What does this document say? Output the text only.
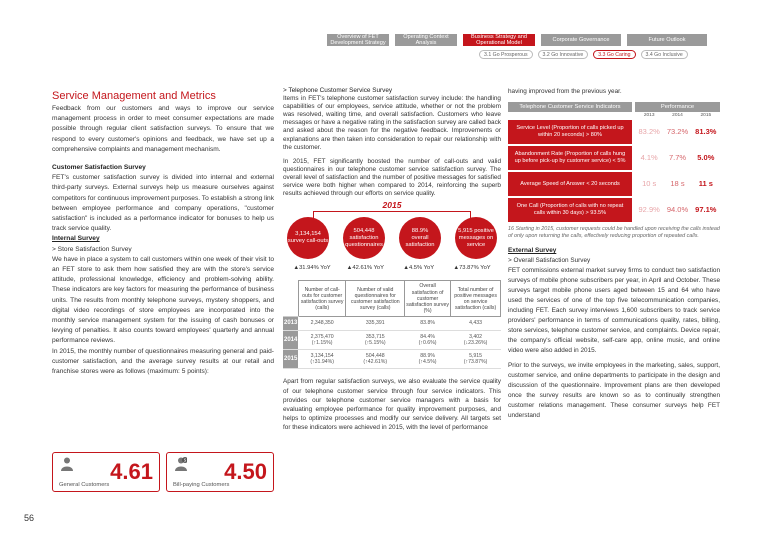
Overview of FET Development Strategy
Operating Context Analysis
Business Strategy and Operational Model	Corporate Governance	Future Outlook
3.1 Go Prosperous	3.2 Go Innovative	3.3 Go Caring	3.4 Go Inclusive
Service Management and Metrics

Feedback from our customers and ways to improve our service management process in order to meet consumer expectations are made possible through regular client satisfaction surveys. To ensure that we respond to every customer's opinions and feedback, we have set up a comprehensive complaints and management mechanism.

Customer Satisfaction Survey

FET's customer satisfaction survey is divided into internal and external third-party surveys. External surveys help us measure ourselves against competitors for continuous improvement purposes. To establish a strong link between employee performance and company operations, "customer satisfaction" is included as a performance indicator for bonuses to help us track service quality.

Internal Survey

> Store Satisfaction Survey

We have in place a system to call customers within one week of their visit to an FET store to ask them how satisfied they are with the store's service attitude, professional knowledge, efficiency and problem-solving ability. These indicators are key factors for measuring the performance of business units. The results from monthly telephone surveys, mystery shoppers, and digital video recordings of store employees are incorporated into the monthly service management system for the issuing of cash bonuses or levying of penalties. It also counts toward employees' quarterly and annual performance reviews.

In 2015, the monthly number of questionnaires measuring general and paid-customer satisfaction, and the average survey results at our retail and franchise stores were as follows (maximum: 5 points):

General Customers
4.61	$
Bill-paying Customers
4.50

> Telephone Customer Service Survey

Items in FET's telephone customer satisfaction survey include: the handling capabilities of our employees, service attitude, whether or not the problem was resolved, waiting time, and overall satisfaction. Customers who leave messages or have a negative rating in the satisfaction survey are called back and asked about the reason for the negative feedback. Improvements or explanations are then taken into consideration to repair our relationship with the customer.

In 2015, FET significantly boosted the number of call-outs and valid questionnaires in our telephone customer service satisfaction survey. The overall level of satisfaction and the number of positive messages for satisfied service were both higher when compared to 2014, reinforcing the superb results achieved through our efforts on service quality.

2015
3,134,154
survey call-outs
504,448
satisfaction questionnaires
88.9%
overall satisfaction
5,915 positive
messages on service
▲31.94% YoY	▲42.61% YoY	▲4.5% YoY	▲73.87% YoY
	Number of call-outs for customer satisfaction survey (calls)	Number of valid questionnaires for customer satisfaction survey (calls)	Overall satisfaction of customer satisfaction survey (%)	Total number of positive messages on service satisfaction (calls)
2013	2,348,350	335,391	83.8%	4,433
2014	2,375,470
(↑1.15%)	353,715
(↑5.15%)	84.4%
(↑0.6%)	3,402
(↓23.26%)
2015	3,134,154
(↑31.94%)	504,448
(↑42.61%)	88.9%
(↑4.5%)	5,915
(↑73.87%)

Apart from regular satisfaction surveys, we also evaluate the service quality of our telephone customer service through four service indicators. This provides our telephone customer service managers with a basis for evaluating employee performance for quality improvement purposes, and helps to optimize processes and modify our service delivery. All targets set for these indicators were achieved in 2015, with the level of performance

having improved from the previous year.

Telephone Customer Service Indicators	Performance
2013	2014	2015
Service Level (Proportion of calls picked up within 20 seconds) > 80%	83.2% 73.2% 81.3%
Abandonment Rate (Proportion of calls hung up before pick-up by customer service) < 5%	4.1%	7.7%	5.0%
Average Speed of Answer < 20 seconds	10 s	18 s	11 s
One Call (Proportion of calls with no repeat calls within 30 days) > 93.5%	92.9% 94.0% 97.1%

16 Starting in 2015, customer requests could be handled upon receiving the calls instead of only upon returning the calls, effectively reducing proportion of repeated calls.

External Survey

> Overall Satisfaction Survey

FET commissions external market survey firms to conduct two satisfaction surveys of mobile phone subscribers per year, in April and October. These surveys target mobile phone users aged between 15 and 64 who have used the services of one of the top five telecommunication companies, including FET. Each survey interviews 1,600 subscribers to track service providers' performance in terms of communications quality, rates, billing, store services, telephone customer service, and complaints. Device repair, the company's official website, self-care app, online music, and online video were also added in 2015.

Prior to the surveys, we invite employees in the marketing, sales, support, customer service, and online departments to participate in the design and discussion of the questionnaire. Improvement plans are then developed once the survey results are known so as to continually strengthen customer relations management. These consumer surveys help FET understand

56
